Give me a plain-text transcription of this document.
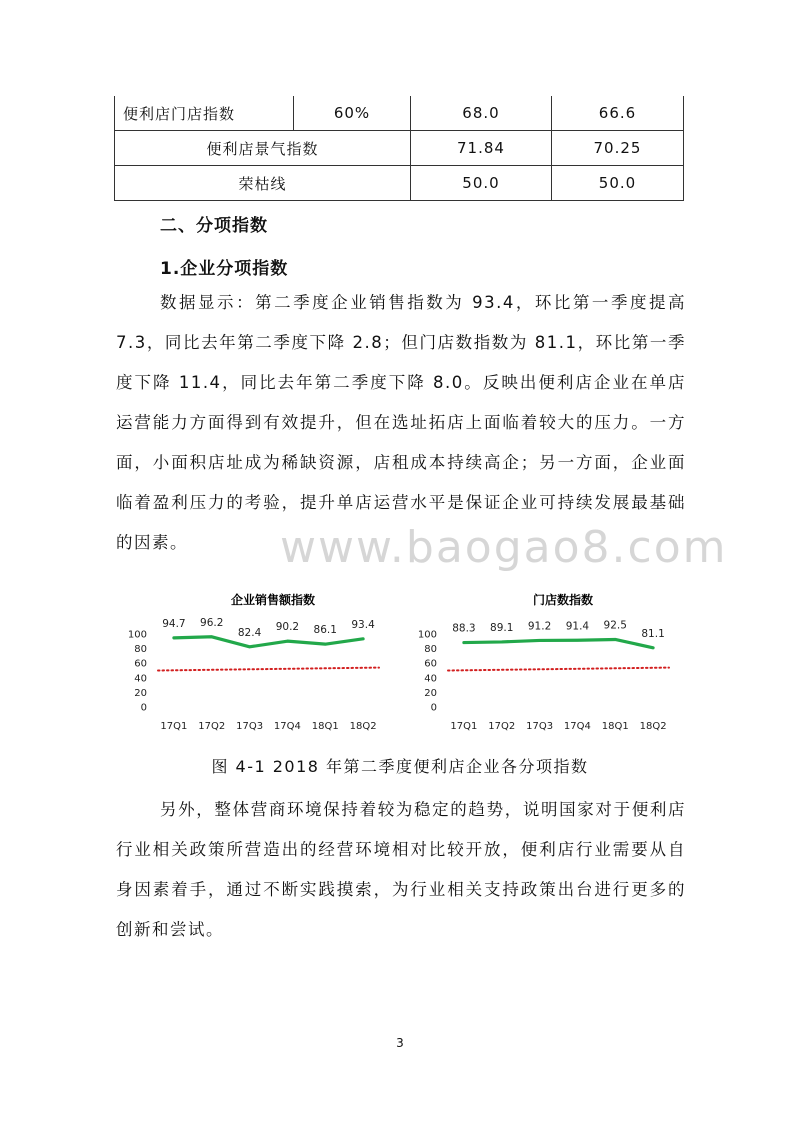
便利店门店指数	60%	68.0	66.6
便利店景气指数		71.84	70.25
荣枯线		50.0	50.0
二、分项指数
1.企业分项指数
数据显示：第二季度企业销售指数为 93.4，环比第一季度提高 7.3，同比去年第二季度下降 2.8；但门店数指数为 81.1，环比第一季度下降 11.4，同比去年第二季度下降 8.0。反映出便利店企业在单店运营能力方面得到有效提升，但在选址拓店上面临着较大的压力。一方面，小面积店址成为稀缺资源，店租成本持续高企；另一方面，企业面临着盈利压力的考验，提升单店运营水平是保证企业可持续发展最基础的因素。	www.baogao8.com
企业销售额指数
0
20
40
60
80
100
17Q1 17Q2 17Q3 17Q4 18Q1 18Q2
94.7 96.2
82.4 90.2 86.1 93.4
门店数指数
0
20
40
60
80
100
17Q1 17Q2 17Q3 17Q4 18Q1 18Q2
88.3 89.1 91.2 91.4 92.5
81.1
图 4-1 2018 年第二季度便利店企业各分项指数
另外，整体营商环境保持着较为稳定的趋势，说明国家对于便利店行业相关政策所营造出的经营环境相对比较开放，便利店行业需要从自身因素着手，通过不断实践摸索，为行业相关支持政策出台进行更多的创新和尝试。
3
